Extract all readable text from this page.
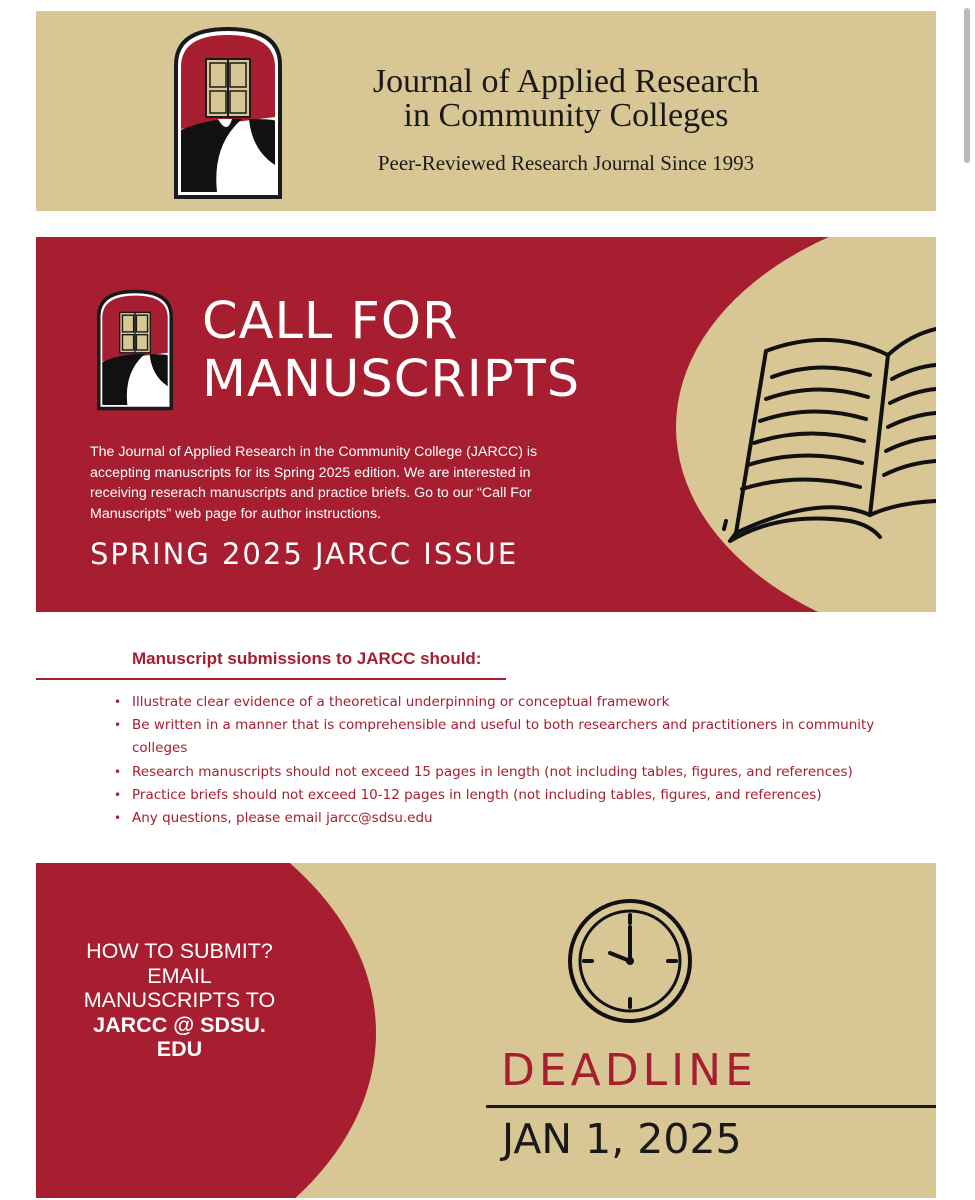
Journal of Applied Research
in Community Colleges
Peer-Reviewed Research Journal Since 1993
CALL FOR
MANUSCRIPTS

The Journal of Applied Research in the Community College (JARCC) is accepting manuscripts for its Spring 2025 edition. We are interested in receiving reserach manuscripts and practice briefs. Go to our “Call For Manuscripts” web page for author instructions.

SPRING 2025 JARCC ISSUE
Manuscript submissions to JARCC should:
• Illustrate clear evidence of a theoretical underpinning or conceptual framework
• Be written in a manner that is comprehensible and useful to both researchers and practitioners in community colleges
• Research manuscripts should not exceed 15 pages in length (not including tables, figures, and references)
• Practice briefs should not exceed 10-12 pages in length (not including tables, figures, and references)
• Any questions, please email jarcc@sdsu.edu
HOW TO SUBMIT?
EMAIL
MANUSCRIPTS TO
JARCC @ SDSU.
EDU	DEADLINE
JAN 1, 2025
